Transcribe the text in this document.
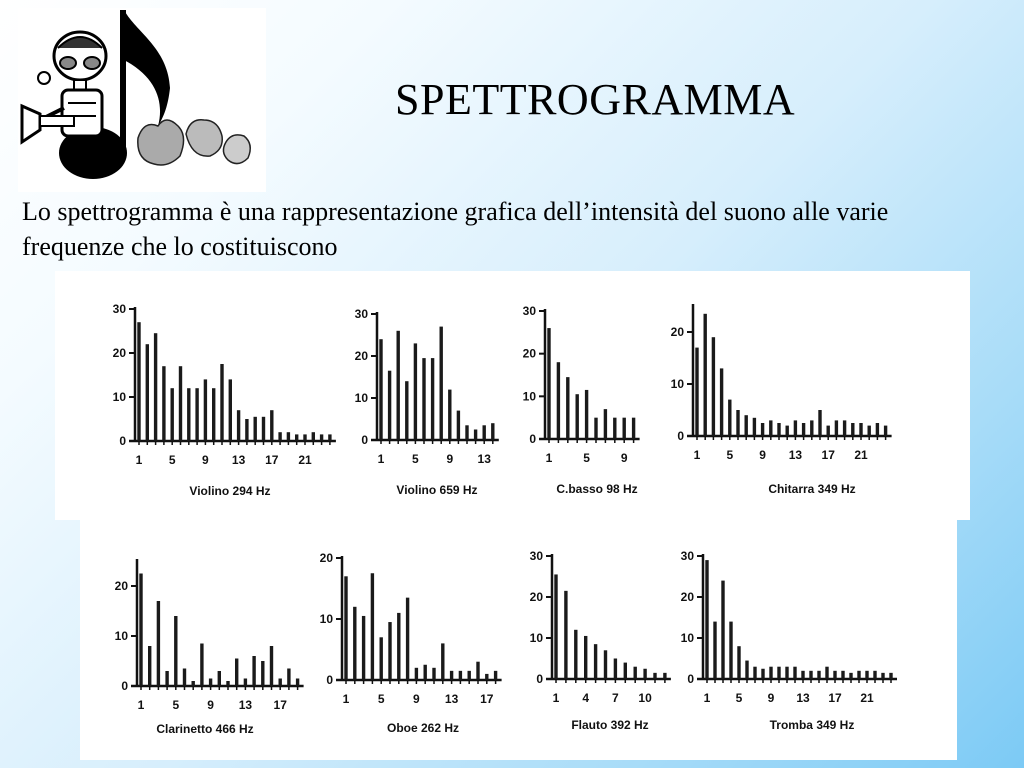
SPETTROGRAMMA
Lo spettrogramma è una rappresentazione grafica dell’intensità del suono alle varie frequenze che lo costituiscono
0
10
20
30
1 5 9 13 17 21
Violino 294 Hz
0
10
20
30
1 5 9 13
Violino 659 Hz
0
10
20
30
1	5	9
C.basso 98 Hz
0
10
20
1 5 9 13 17 21
Chitarra 349 Hz
0
10
20
1 5 9 13 17
Clarinetto 466 Hz
0
10
20
1 5 9 13 17
Oboe 262 Hz
0
10
20
30
1 4 7 10
Flauto 392 Hz
0
10
20
30
1 5 9 13 17 21
Tromba 349 Hz
